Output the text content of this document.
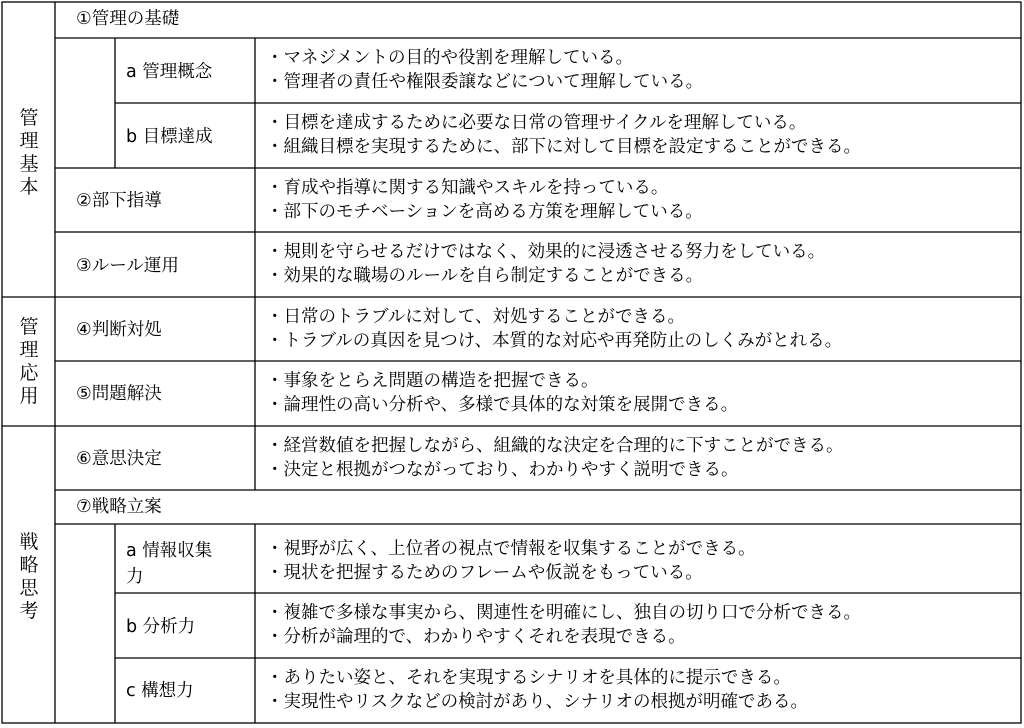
管理基本
管理応用
戦略思考
①管理の基礎
a 管理概念
・マネジメントの目的や役割を理解している。
・管理者の責任や権限委譲などについて理解している。
b 目標達成
・目標を達成するために必要な日常の管理サイクルを理解している。
・組織目標を実現するために、部下に対して目標を設定することができる。
②部下指導
・育成や指導に関する知識やスキルを持っている。
・部下のモチベーションを高める方策を理解している。
③ルール運用
・規則を守らせるだけではなく、効果的に浸透させる努力をしている。
・効果的な職場のルールを自ら制定することができる。
④判断対処
・日常のトラブルに対して、対処することができる。
・トラブルの真因を見つけ、本質的な対応や再発防止のしくみがとれる。
⑤問題解決
・事象をとらえ問題の構造を把握できる。
・論理性の高い分析や、多様で具体的な対策を展開できる。
⑥意思決定
・経営数値を把握しながら、組織的な決定を合理的に下すことができる。
・決定と根拠がつながっており、わかりやすく説明できる。
⑦戦略立案
a 情報収集
力
・視野が広く、上位者の視点で情報を収集することができる。
・現状を把握するためのフレームや仮説をもっている。
b 分析力
・複雑で多様な事実から、関連性を明確にし、独自の切り口で分析できる。
・分析が論理的で、わかりやすくそれを表現できる。
c 構想力
・ありたい姿と、それを実現するシナリオを具体的に提示できる。
・実現性やリスクなどの検討があり、シナリオの根拠が明確である。
